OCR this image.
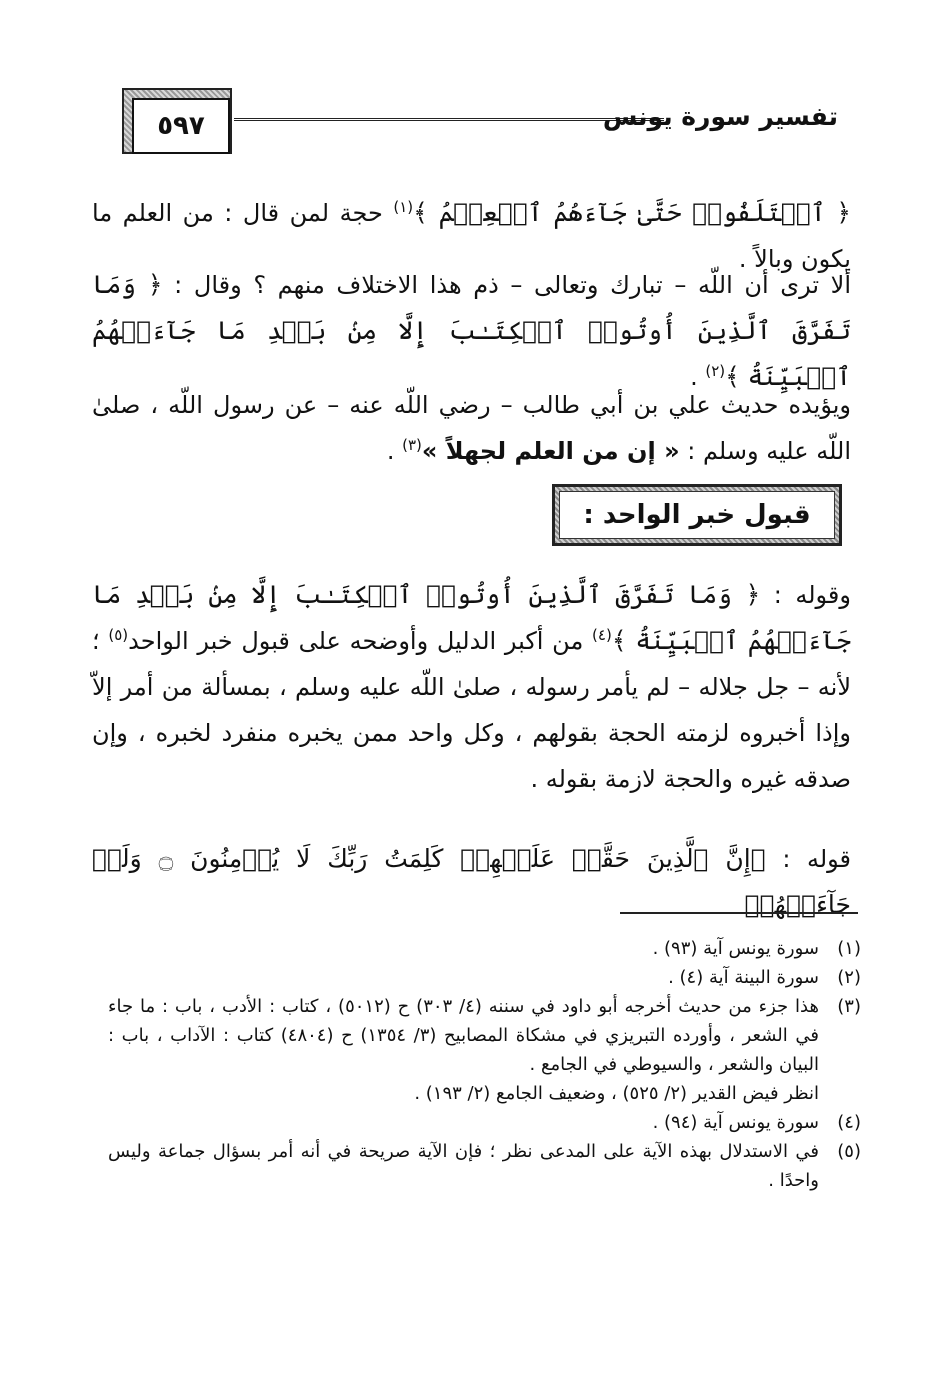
٥٩٧	تفسير سورة يونس
﴿ ٱخۡتَلَفُوا۟ حَتَّىٰ جَآءَهُمُ ٱلۡعِلۡمُ ﴾$^{(١)}$ حجة لمن قال : من العلم ما يكون وبالاً .
ألا ترى أن اللّه – تبارك وتعالى – ذم هذا الاختلاف منهم ؟ وقال : ﴿ وَمَا تَفَرَّقَ ٱلَّذِینَ أُوتُوا۟ ٱلۡكِتَـٰبَ إِلَّا مِنۢ بَعۡدِ مَا جَآءَتۡهُمُ ٱلۡبَیِّنَةُ ﴾$^{(٢)}$ .
ويؤيده حديث علي بن أبي طالب – رضي اللّه عنه – عن رسول اللّه ، صلىٰ اللّه عليه وسلم : « إن من العلم لجهلاً »$^{(٣)}$ .
قبول خبر الواحد :
وقوله : ﴿ وَمَا تَفَرَّقَ ٱلَّذِینَ أُوتُوا۟ ٱلۡكِتَـٰبَ إِلَّا مِنۢ بَعۡدِ مَا جَآءَتۡهُمُ ٱلۡبَیِّنَةُ ﴾$^{(٤)}$ من أكبر الدليل وأوضحه على قبول خبر الواحد$^{(٥)}$ ؛ لأنه – جل جلاله – لم يأمر رسوله ، صلىٰ اللّه عليه وسلم ، بمسألة من أمر إلاّ وإذا أخبروه لزمته الحجة بقولهم ، وكل واحد ممن يخبره منفرد لخبره ، وإن صدقه غيره والحجة لازمة بقوله .
قوله : ﴿إِنَّ ٱلَّذِینَ حَقَّتۡ عَلَیۡهِمۡ كَلِمَتُ رَبِّكَ لَا یُؤۡمِنُونَ ۝ وَلَوۡ جَآءَتۡهُمۡ
(١)
سورة يونس آية (٩٣) .
(٢)
سورة البينة آية (٤) .
(٣)
هذا جزء من حديث أخرجه أبو داود في سننه (٤/ ٣٠٣) ح (٥٠١٢) ، كتاب : الأدب ، باب : ما جاء في الشعر ، وأورده التبريزي في مشكاة المصابيح (٣/ ١٣٥٤) ح (٤٨٠٤) كتاب : الآداب ، باب : البيان والشعر ، والسيوطي في الجامع .
انظر فيض القدير (٢/ ٥٢٥) ، وضعيف الجامع (٢/ ١٩٣) .
(٤)
سورة يونس آية (٩٤) .
(٥)
في الاستدلال بهذه الآية على المدعى نظر ؛ فإن الآية صريحة في أنه أمر بسؤال جماعة وليس واحدًا .
